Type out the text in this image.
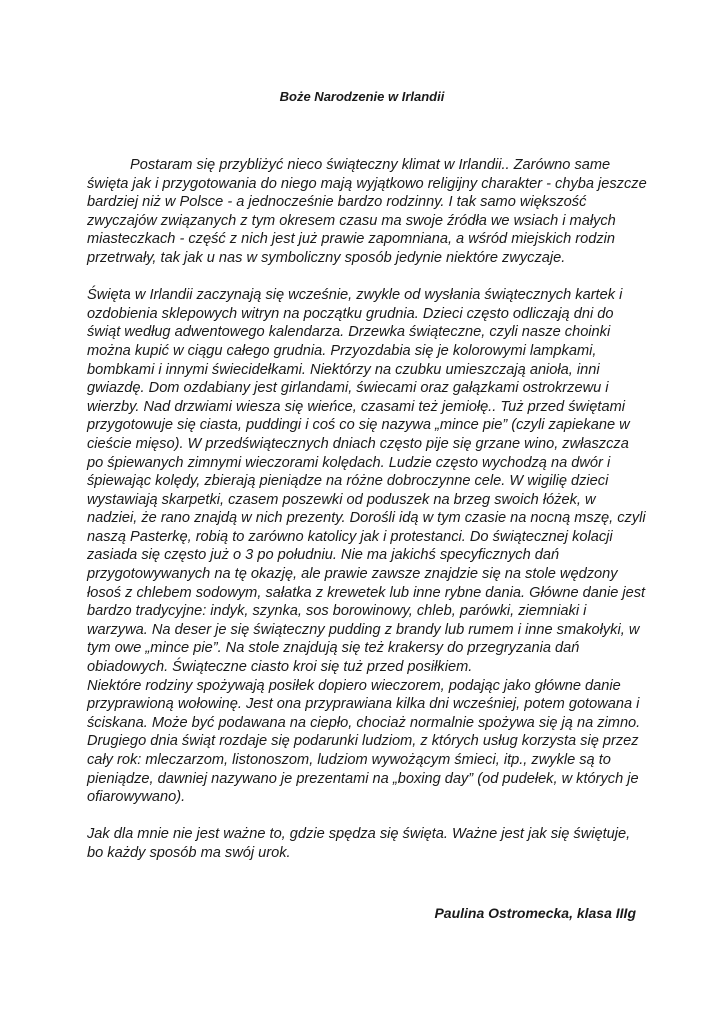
Boże Narodzenie w Irlandii

Postaram się przybliżyć nieco świąteczny klimat w Irlandii.. Zarówno same święta jak i przygotowania do niego mają wyjątkowo religijny charakter - chyba jeszcze bardziej niż w Polsce - a jednocześnie bardzo rodzinny. I tak samo większość zwyczajów związanych z tym okresem czasu ma swoje źródła we wsiach i małych miasteczkach - część z nich jest już prawie zapomniana, a wśród miejskich rodzin przetrwały, tak jak u nas w symboliczny sposób jedynie niektóre zwyczaje.

Święta w Irlandii zaczynają się wcześnie, zwykle od wysłania świątecznych kartek i ozdobienia sklepowych witryn na początku grudnia. Dzieci często odliczają dni do świąt według adwentowego kalendarza. Drzewka świąteczne, czyli nasze choinki można kupić w ciągu całego grudnia. Przyozdabia się je kolorowymi lampkami, bombkami i innymi świecidełkami. Niektórzy na czubku umieszczają anioła, inni gwiazdę. Dom ozdabiany jest girlandami, świecami oraz gałązkami ostrokrzewu i wierzby. Nad drzwiami wiesza się wieńce, czasami też jemiołę.. Tuż przed świętami przygotowuje się ciasta, puddingi i coś co się nazywa „mince pie” (czyli zapiekane w cieście mięso). W przedświątecznych dniach często pije się grzane wino, zwłaszcza po śpiewanych zimnymi wieczorami kolędach. Ludzie często wychodzą na dwór i śpiewając kolędy, zbierają pieniądze na różne dobroczynne cele. W wigilię dzieci wystawiają skarpetki, czasem poszewki od poduszek na brzeg swoich łóżek, w nadziei, że rano znajdą w nich prezenty. Dorośli idą w tym czasie na nocną mszę, czyli naszą Pasterkę, robią to zarówno katolicy jak i protestanci. Do świątecznej kolacji zasiada się często już o 3 po południu. Nie ma jakichś specyficznych dań przygotowywanych na tę okazję, ale prawie zawsze znajdzie się na stole wędzony łosoś z chlebem sodowym, sałatka z krewetek lub inne rybne dania. Główne danie jest bardzo tradycyjne: indyk, szynka, sos borowinowy, chleb, parówki, ziemniaki i warzywa. Na deser je się świąteczny pudding z brandy lub rumem i inne smakołyki, w tym owe „mince pie”. Na stole znajdują się też krakersy do przegryzania dań obiadowych. Świąteczne ciasto kroi się tuż przed posiłkiem.

Niektóre rodziny spożywają posiłek dopiero wieczorem, podając jako główne danie przyprawioną wołowinę. Jest ona przyprawiana kilka dni wcześniej, potem gotowana i ściskana. Może być podawana na ciepło, chociaż normalnie spożywa się ją na zimno. Drugiego dnia świąt rozdaje się podarunki ludziom, z których usług korzysta się przez cały rok: mleczarzom, listonoszom, ludziom wywożącym śmieci, itp., zwykle są to pieniądze, dawniej nazywano je prezentami na „boxing day” (od pudełek, w których je ofiarowywano).

Jak dla mnie nie jest ważne to, gdzie spędza się święta. Ważne jest jak się świętuje, bo każdy sposób ma swój urok.

Paulina Ostromecka, klasa IIIg
